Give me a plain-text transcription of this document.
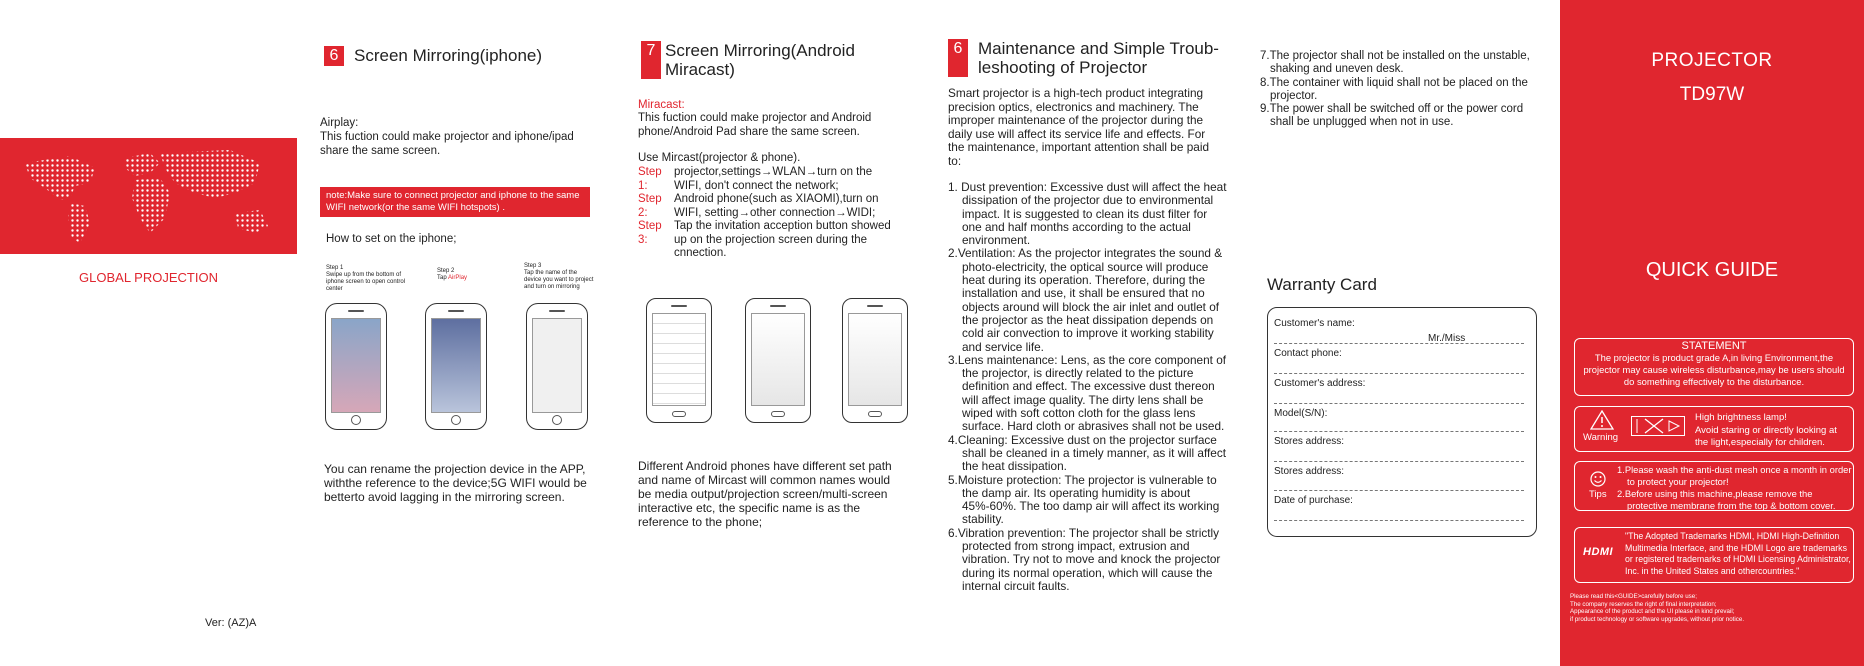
GLOBAL PROJECTION
Ver: (AZ)A
6 Screen Mirroring(iphone)
Airplay:
This fuction could make projector and iphone/ipad share the same screen.
note:Make sure to connect projector and iphone to the same WIFI network(or the same WIFI hotspots) .
How to set on the iphone;
Step 1
Swipe up from the bottom of iphone screen to open control center
Step 2
Tap AirPlay
Step 3
Tap the name of the device you want to project and turn on mirroring
You can rename the projection device in the APP, withthe reference to the device;5G WIFI would be betterto avoid lagging in the mirroring screen.
7 Screen Mirroring(Android Miracast)
Miracast:
This fuction could make projector and Android phone/Android Pad share the same screen.
Use Mircast(projector & phone).
Step 1:
projector,settings→WLAN→turn on the WIFI, don't connect the network;
Step 2:
Android phone(such as XIAOMI),turn on WIFI, setting→other connection→WIDI;
Step 3:
Tap the invitation acception button showed up on the projection screen during the cnnection.
Different Android phones have different set path and name of Mircast will common names would be media output/projection screen/multi-screen interactive etc, the specific name is as the reference to the phone;
6 Maintenance and Simple Troub-leshooting of Projector
Smart projector is a high-tech product integrating precision optics, electronics and machinery. The improper maintenance of the projector during the daily use will affect its service life and effects. For the maintenance, important attention shall be paid to:
1. Dust prevention: Excessive dust will affect the heat dissipation of the projector due to environmental impact. It is suggested to clean its dust filter for one and half months according to the actual environment.
2.Ventilation: As the projector integrates the sound & photo-electricity, the optical source will produce heat during its operation. Therefore, during the installation and use, it shall be ensured that no objects around will block the air inlet and outlet of the projector as the heat dissipation depends on cold air convection to improve it working stability and service life.
3.Lens maintenance: Lens, as the core component of the projector, is directly related to the picture definition and effect. The excessive dust thereon will affect image quality. The dirty lens shall be wiped with soft cotton cloth for the glass lens surface. Hard cloth or abrasives shall not be used.
4.Cleaning: Excessive dust on the projector surface shall be cleaned in a timely manner, as it will affect the heat dissipation.
5.Moisture protection: The projector is vulnerable to the damp air. Its operating humidity is about 45%-60%. The too damp air will affect its working stability.
6.Vibration prevention: The projector shall be strictly protected from strong impact, extrusion and vibration. Try not to move and knock the projector during its normal operation, which will cause the internal circuit faults.
7.The projector shall not be installed on the unstable, shaking and uneven desk.
8.The container with liquid shall not be placed on the projector.
9.The power shall be switched off or the power cord shall be unplugged when not in use.
Warranty Card
Customer's name:
Mr./Miss
Contact phone:
Customer's address:
Model(S/N):
Stores address:
Stores address:
Date of purchase:
PROJECTOR
TD97W
QUICK GUIDE
STATEMENT
The projector is product grade A,in living Environment,the projector may cause wireless disturbance,may be users should do something effectively to the disturbance.
Warning
High brightness lamp!
Avoid staring or directly looking at the light,especially for children.
Tips
1.Please wash the anti-dust mesh once a month in order to protect your projector!
2.Before using this machine,please remove the protective membrane from the top & bottom cover.
HDMI
"The Adopted Trademarks HDMI, HDMI High-Definition Multimedia Interface, and the HDMI Logo are trademarks or registered trademarks of HDMI Licensing Administrator, Inc. in the United States and othercountries."
Please read this<GUIDE>carefully before use;
The company reserves the right of final interpretation;
Appearance of the product and the UI please in kind prevail;
if product technology or software upgrades, without prior notice.
